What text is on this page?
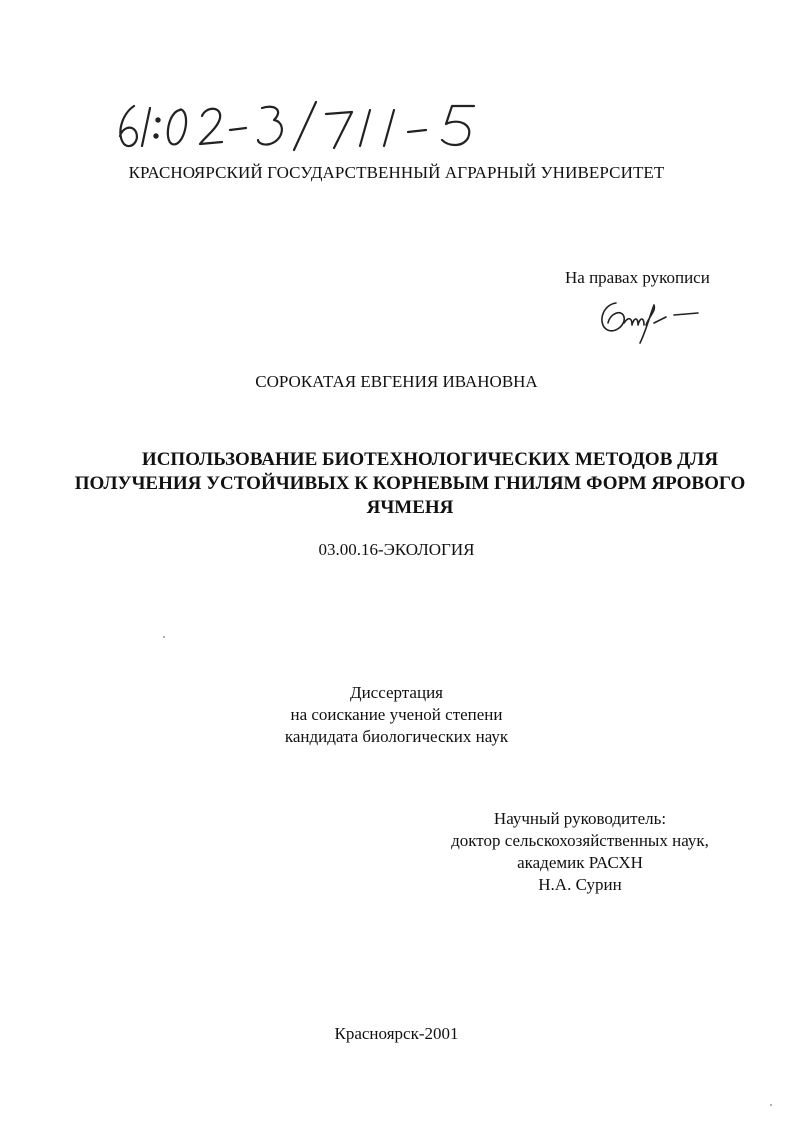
КРАСНОЯРСКИЙ ГОСУДАРСТВЕННЫЙ АГРАРНЫЙ УНИВЕРСИТЕТ
На правах рукописи
СОРОКАТАЯ ЕВГЕНИЯ ИВАНОВНА
ИСПОЛЬЗОВАНИЕ БИОТЕХНОЛОГИЧЕСКИХ МЕТОДОВ ДЛЯ
ПОЛУЧЕНИЯ УСТОЙЧИВЫХ К КОРНЕВЫМ ГНИЛЯМ ФОРМ ЯРОВОГО
ЯЧМЕНЯ
03.00.16-ЭКОЛОГИЯ
Диссертация
на соискание ученой степени
кандидата биологических наук
Научный руководитель:
доктор сельскохозяйственных наук,
академик РАСХН
Н.А. Сурин
Красноярск-2001
